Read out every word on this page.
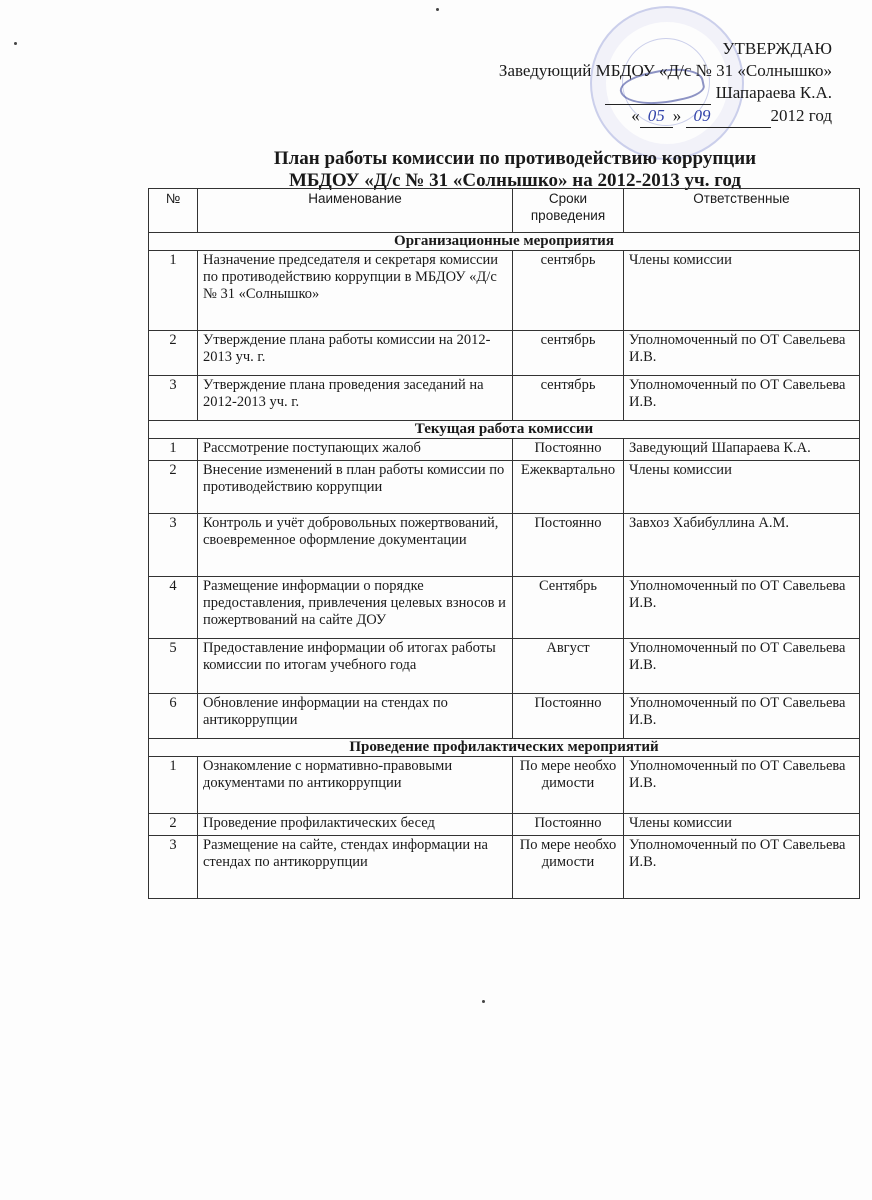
УТВЕРЖДАЮ
Заведующий МБДОУ «Д/с № 31 «Солнышко»
Шапараева К.А.
« 05 » 09	2012 год
План работы комиссии по противодействию коррупции
МБДОУ «Д/с № 31 «Солнышко» на 2012-2013 уч. год
№	Наименование	Сроки проведения	Ответственные
Организационные мероприятия			
1	Назначение председателя и секретаря комиссии по противодействию коррупции в МБДОУ «Д/с № 31 «Солнышко»	сентябрь	Члены комиссии
2	Утверждение плана работы комиссии на 2012-2013 уч. г.	сентябрь	Уполномоченный по ОТ Савельева И.В.
3	Утверждение плана проведения заседаний на 2012-2013 уч. г.	сентябрь	Уполномоченный по ОТ Савельева И.В.
Текущая работа комиссии			
1	Рассмотрение поступающих жалоб	Постоянно	Заведующий Шапараева К.А.
2	Внесение изменений в план работы комиссии по противодействию коррупции	Ежеквартально	Члены комиссии
3	Контроль и учёт добровольных пожертвований, своевременное оформление документации	Постоянно	Завхоз Хабибуллина А.М.
4	Размещение информации о порядке предоставления, привлечения целевых взносов и пожертвований на сайте ДОУ	Сентябрь	Уполномоченный по ОТ Савельева И.В.
5	Предоставление информации об итогах работы комиссии по итогам учебного года	Август	Уполномоченный по ОТ Савельева И.В.
6	Обновление информации на стендах по антикоррупции	Постоянно	Уполномоченный по ОТ Савельева И.В.
Проведение профилактических мероприятий			
1	Ознакомление с нормативно-правовыми документами по антикоррупции	По мере необходимости	Уполномоченный по ОТ Савельева И.В.
2	Проведение профилактических бесед	Постоянно	Члены комиссии
3	Размещение на сайте, стендах информации на стендах по антикоррупции	По мере необходимости	Уполномоченный по ОТ Савельева И.В.
